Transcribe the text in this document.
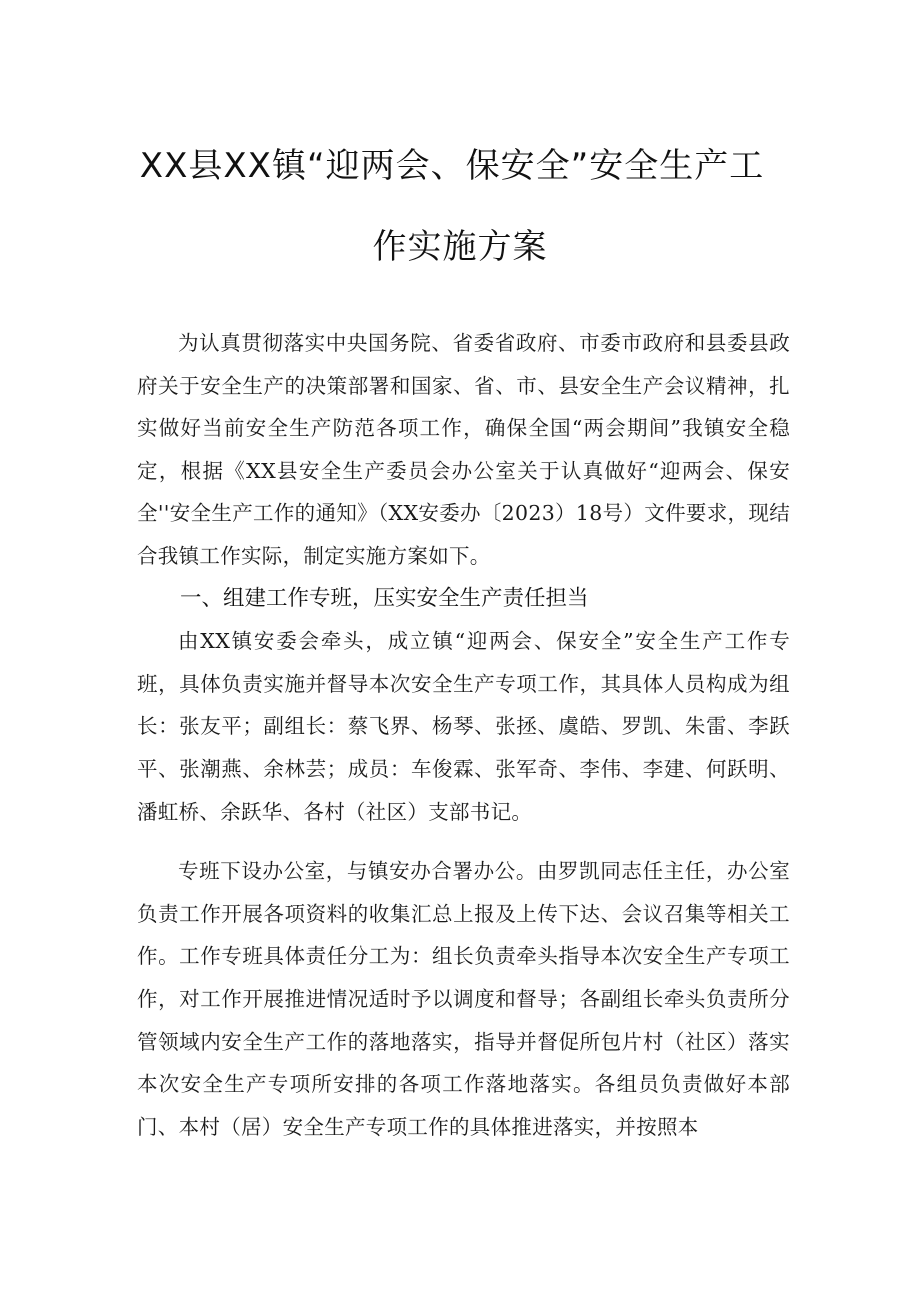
XX县XX镇“迎两会、保安全”安全生产工
作实施方案

为认真贯彻落实中央国务院、省委省政府、市委市政府和县委县政府关于安全生产的决策部署和国家、省、市、县安全生产会议精神，扎实做好当前安全生产防范各项工作，确保全国“两会期间”我镇安全稳定，根据《XX县安全生产委员会办公室关于认真做好“迎两会、保安全''安全生产工作的通知》（XX安委办〔2023）18号）文件要求，现结合我镇工作实际，制定实施方案如下。

一、组建工作专班，压实安全生产责任担当

由XX镇安委会牵头，成立镇“迎两会、保安全”安全生产工作专班，具体负责实施并督导本次安全生产专项工作，其具体人员构成为组长：张友平；副组长：蔡飞界、杨琴、张拯、虞皓、罗凯、朱雷、李跃平、张潮燕、余林芸；成员：车俊霖、张军奇、李伟、李建、何跃明、潘虹桥、余跃华、各村（社区）支部书记。

专班下设办公室，与镇安办合署办公。由罗凯同志任主任，办公室负责工作开展各项资料的收集汇总上报及上传下达、会议召集等相关工作。工作专班具体责任分工为：组长负责牵头指导本次安全生产专项工作，对工作开展推进情况适时予以调度和督导；各副组长牵头负责所分管领域内安全生产工作的落地落实，指导并督促所包片村（社区）落实本次安全生产专项所安排的各项工作落地落实。各组员负责做好本部门、本村（居）安全生产专项工作的具体推进落实，并按照本
